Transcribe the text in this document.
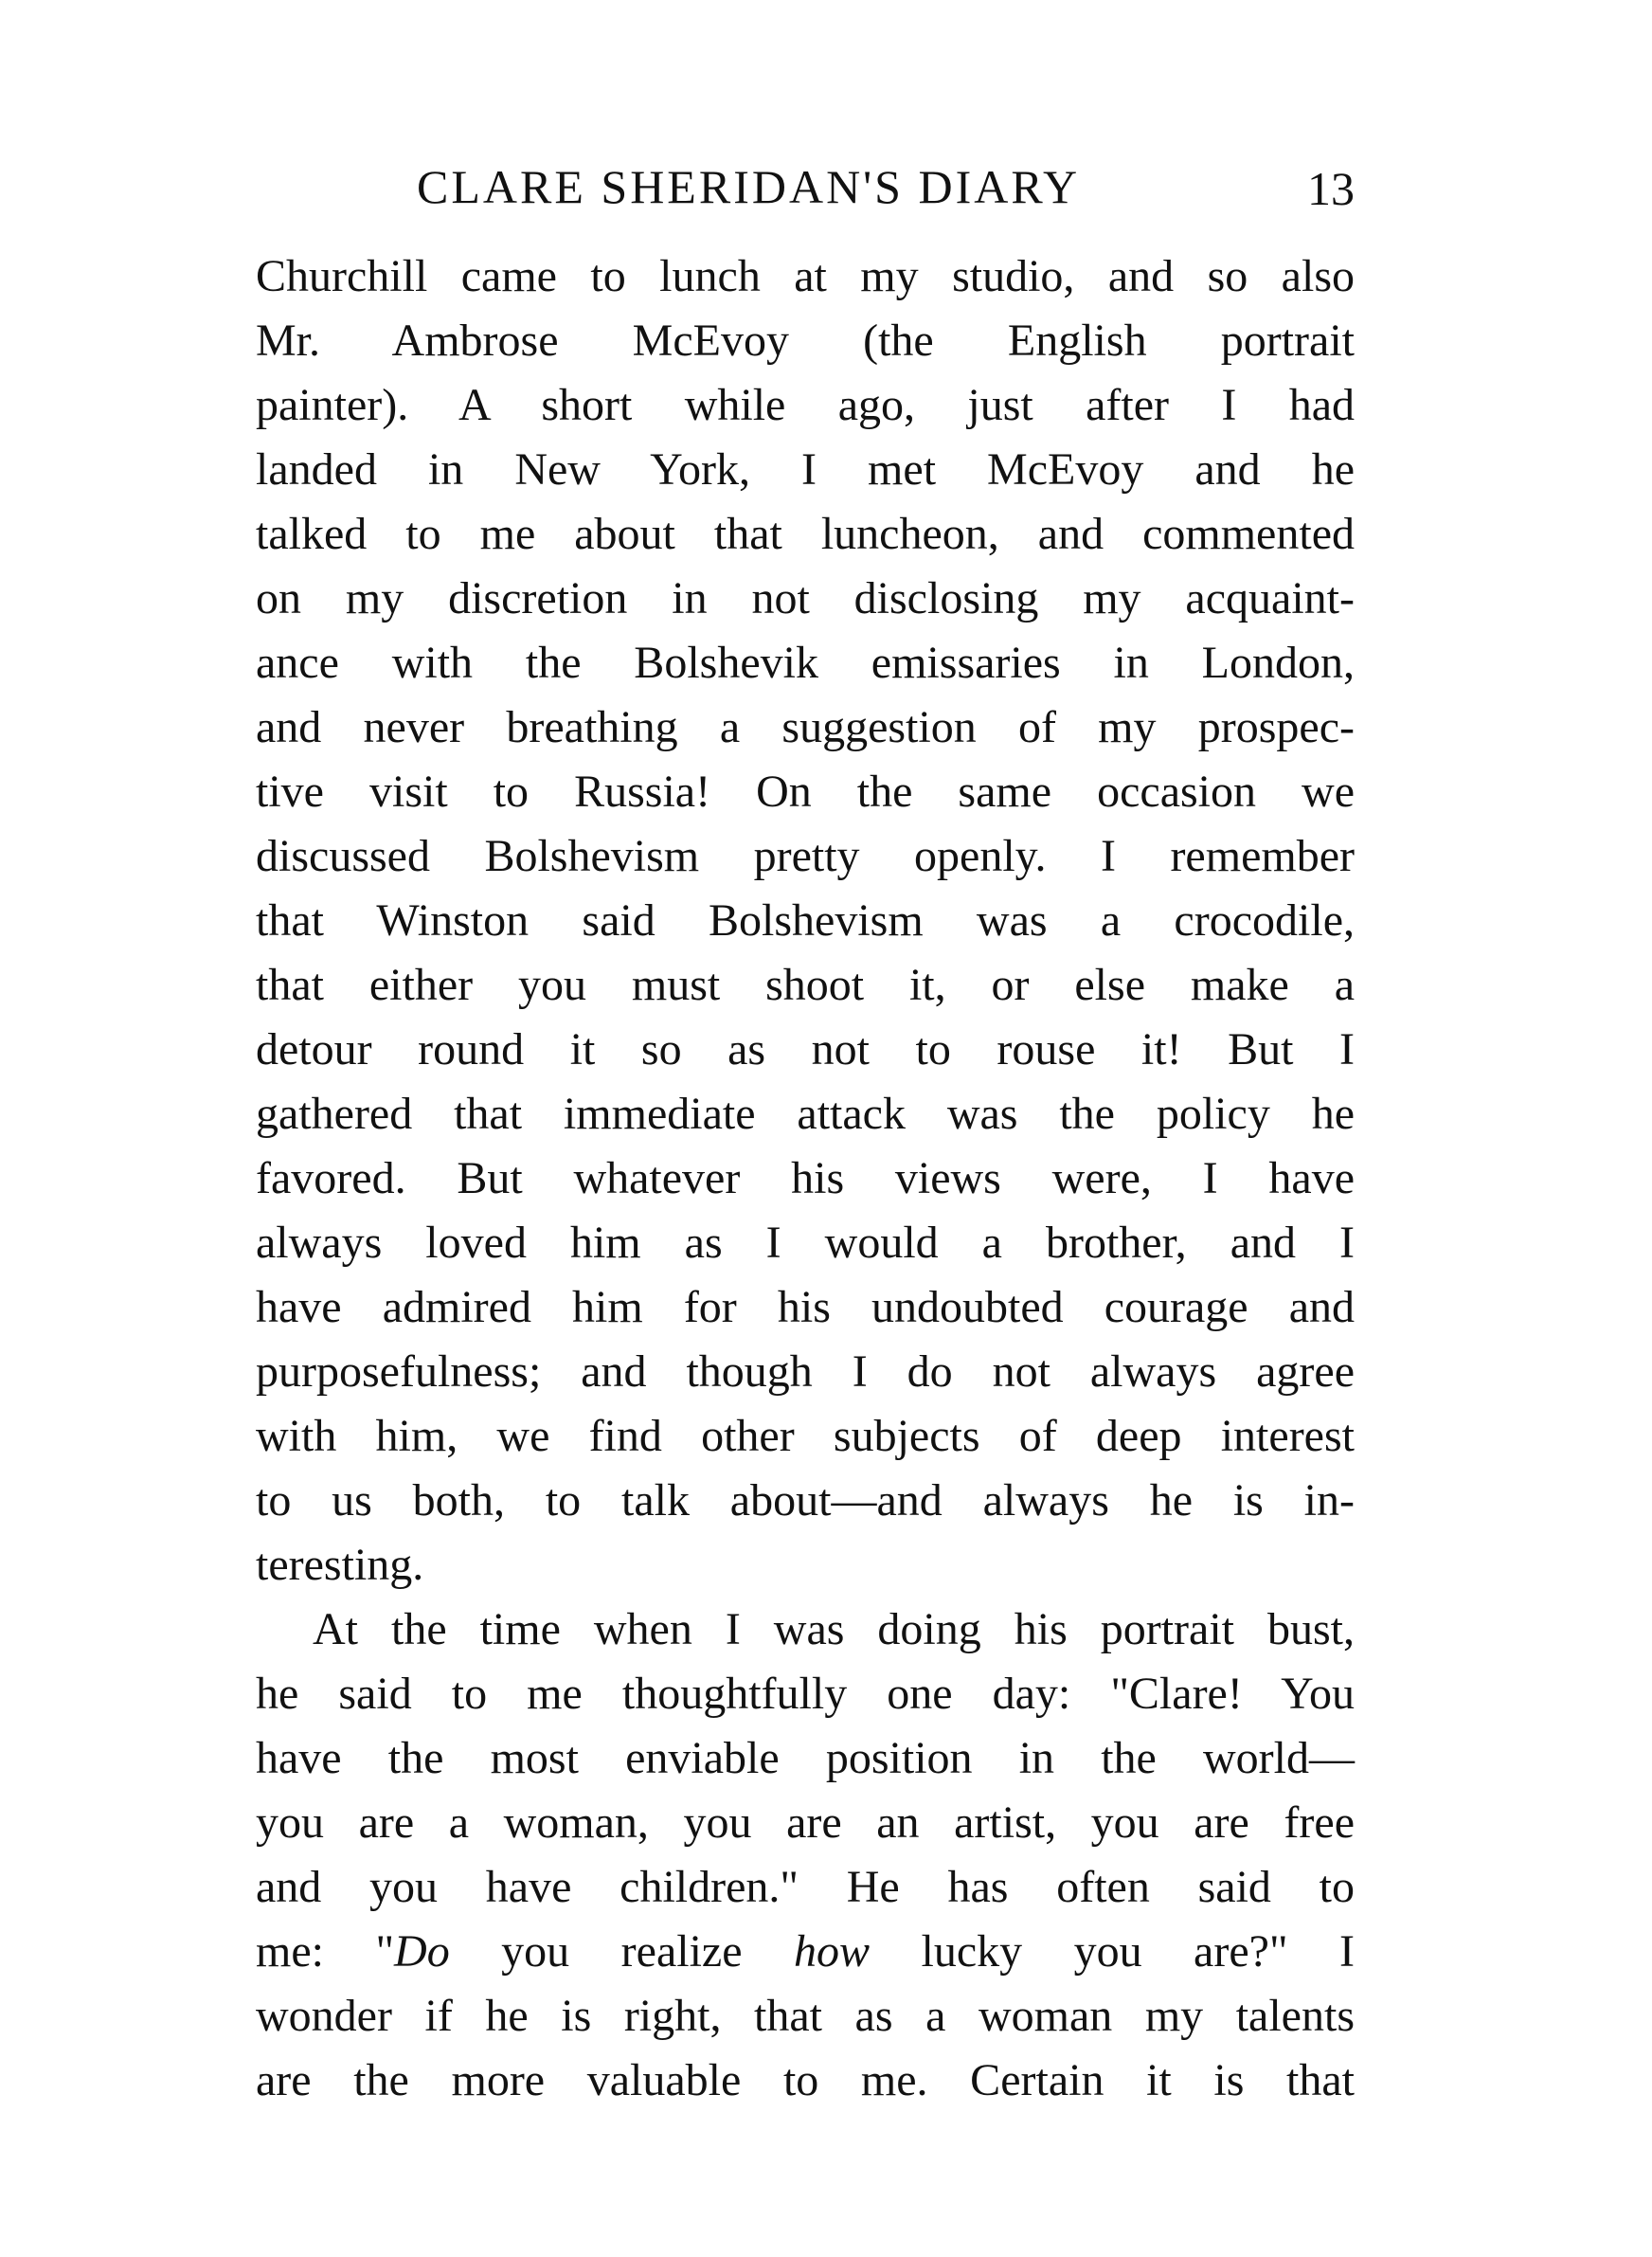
CLARE SHERIDAN'S DIARY	13
Churchill came to lunch at my studio, and so also
Mr. Ambrose McEvoy (the English portrait
painter). A short while ago, just after I had
landed in New York, I met McEvoy and he
talked to me about that luncheon, and commented
on my discretion in not disclosing my acquaint-
ance with the Bolshevik emissaries in London,
and never breathing a suggestion of my prospec-
tive visit to Russia! On the same occasion we
discussed Bolshevism pretty openly. I remember
that Winston said Bolshevism was a crocodile,
that either you must shoot it, or else make a
detour round it so as not to rouse it! But I
gathered that immediate attack was the policy he
favored. But whatever his views were, I have
always loved him as I would a brother, and I
have admired him for his undoubted courage and
purposefulness; and though I do not always agree
with him, we find other subjects of deep interest
to us both, to talk about—and always he is in-
teresting.
At the time when I was doing his portrait bust,
he said to me thoughtfully one day: "Clare! You
have the most enviable position in the world—
you are a woman, you are an artist, you are free
and you have children." He has often said to
me: "Do you realize how lucky you are?" I
wonder if he is right, that as a woman my talents
are the more valuable to me. Certain it is that
